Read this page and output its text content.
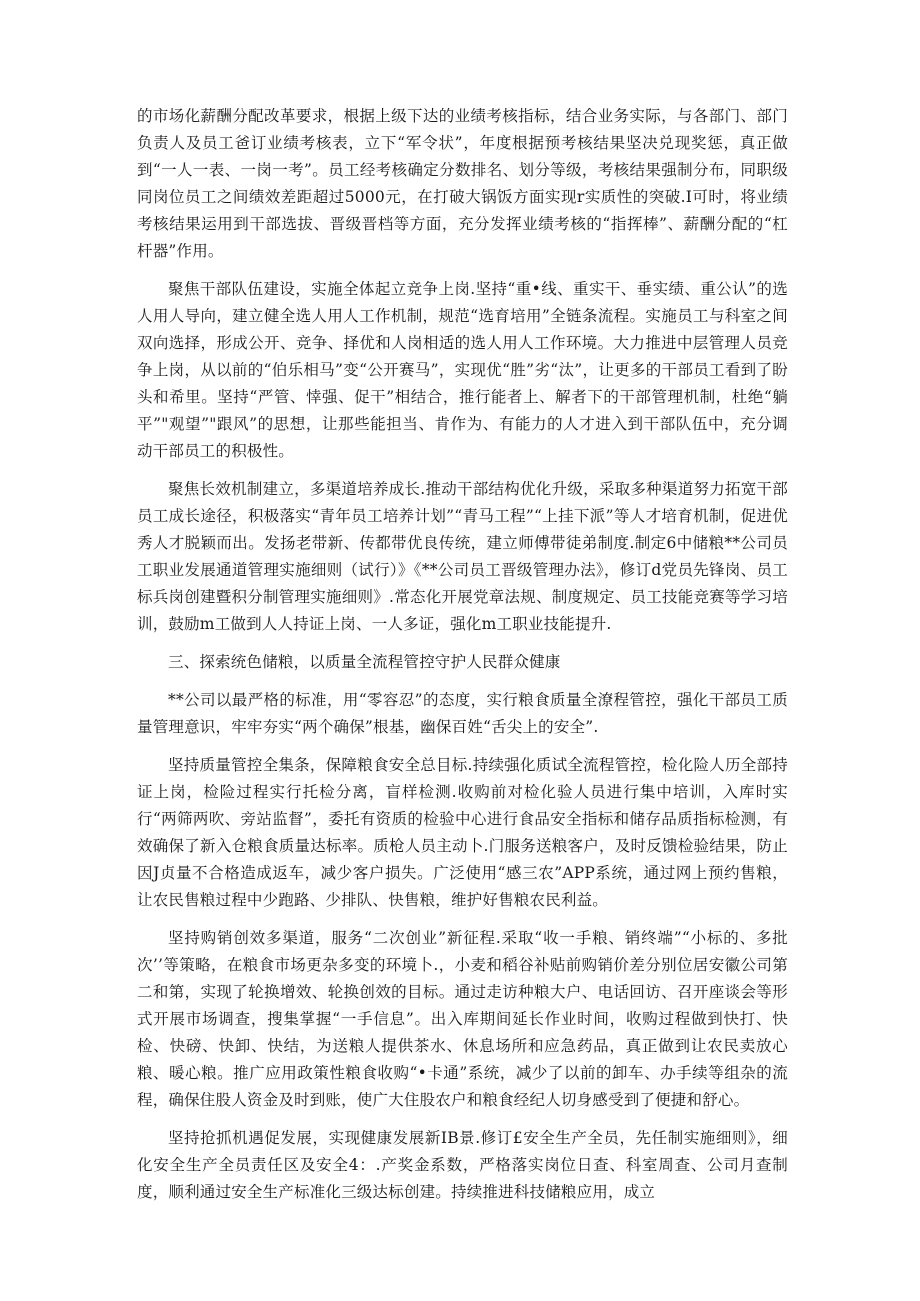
的市场化薪酬分配改革要求，根据上级下达的业绩考核指标，结合业务实际，与各部门、部门负责人及员工爸订业绩考核表，立下“军令状”，年度根据预考核结果坚决兑现奖惩，真正做到“一人一表、一岗一考”。员工经考核确定分数排名、划分等级，考核结果强制分布，同职级同岗位员工之间绩效差距超过5000元，在打破大锅饭方面实现r实质性的突破.I可时，将业绩考核结果运用到干部选拔、晋级晋档等方面，充分发挥业绩考核的“指挥棒”、薪酬分配的“杠杆器”作用。

聚焦干部队伍建设，实施全体起立竞争上岗.坚持“重•线、重实干、垂实绩、重公认”的选人用人导向，建立健全选人用人工作机制，规范“选育培用”全链条流程。实施员工与科室之间双向选择，形成公开、竞争、择优和人岗相适的选人用人工作环境。大力推进中层管理人员竞争上岗，从以前的“伯乐相马”变“公开赛马”，实现优“胜”劣“汰”，让更多的干部员工看到了盼头和希里。坚持“严管、悻强、促干”相结合，推行能者上、解者下的干部管理机制，杜绝“躺平”"观望”"跟风”的思想，让那些能担当、肯作为、有能力的人才进入到干部队伍中，充分调动干部员工的积极性。

聚焦长效机制建立，多渠道培养成长.推动干部结构优化升级，采取多种渠道努力拓宽干部员工成长途径，积极落实“青年员工培养计划”“青马工程”“上挂下派”等人才培育机制，促进优秀人才脱颖而出。发扬老带新、传都带优良传统，建立师傅带徒弟制度.制定6中储粮**公司员工职业发展通道管理实施细则（试行）》《**公司员工晋级管理办法》，修订d党员先锋岗、员工标兵岗创建暨积分制管理实施细则》.常态化开展党章法规、制度规定、员工技能竞赛等学习培训，鼓励m工做到人人持证上岗、一人多证，强化m工职业技能提升.

三、探索统色储粮，以质量全流程管控守护人民群众健康

**公司以最严格的标准，用“零容忍”的态度，实行粮食质量全潦程管控，强化干部员工质量管理意识，牢牢夯实“两个确保”根基，幽保百姓“舌尖上的安全”.

坚持质量管控全集条，保障粮食安全总目标.持续强化质试全流程管控，检化险人历全部持证上岗，检险过程实行托检分离，盲样检测.收购前对检化验人员进行集中培训，入库时实行“两筛两吹、旁站监督”，委托有资质的检验中心进行食品安全指标和储存品质指标检测，有效确保了新入仓粮食质量达标率。质枪人员主动卜.门服务送粮客户，及时反馈检验结果，防止因J贞量不合格造成返车，减少客户损失。广泛使用“感三农”APP系统，通过网上预约售粮，让农民售粮过程中少跑路、少排队、快售粮，维护好售粮农民利益。

坚持购销创效多渠道，服务“二次创业”新征程.采取“收一手粮、销终端”“小标的、多批次’’等策略，在粮食市场更杂多变的环境卜.，小麦和稻谷补贴前购销价差分别位居安徽公司第二和第，实现了轮换增效、轮换创效的目标。通过走访种粮大户、电话回访、召开座谈会等形式开展市场调查，搜集掌握“一手信息”。出入库期间延长作业时间，收购过程做到快打、快检、快磅、快卸、快结，为送粮人提供茶水、休息场所和应急药品，真正做到让农民卖放心粮、暖心粮。推广应用政策性粮食收购“•卡通”系统，减少了以前的卸车、办手续等组杂的流程，确保住股人资金及时到账，使广大住股农户和粮食经纪人切身感受到了便捷和舒心。

坚持抢抓机遇促发展，实现健康发展新IB景.修订£安全生产全员，先任制实施细则》，细化安全生产全员责任区及安全4：.产奖金系数，严格落实岗位日查、科室周查、公司月查制度，顺利通过安全生产标准化三级达标创建。持续推进科技储粮应用，成立
